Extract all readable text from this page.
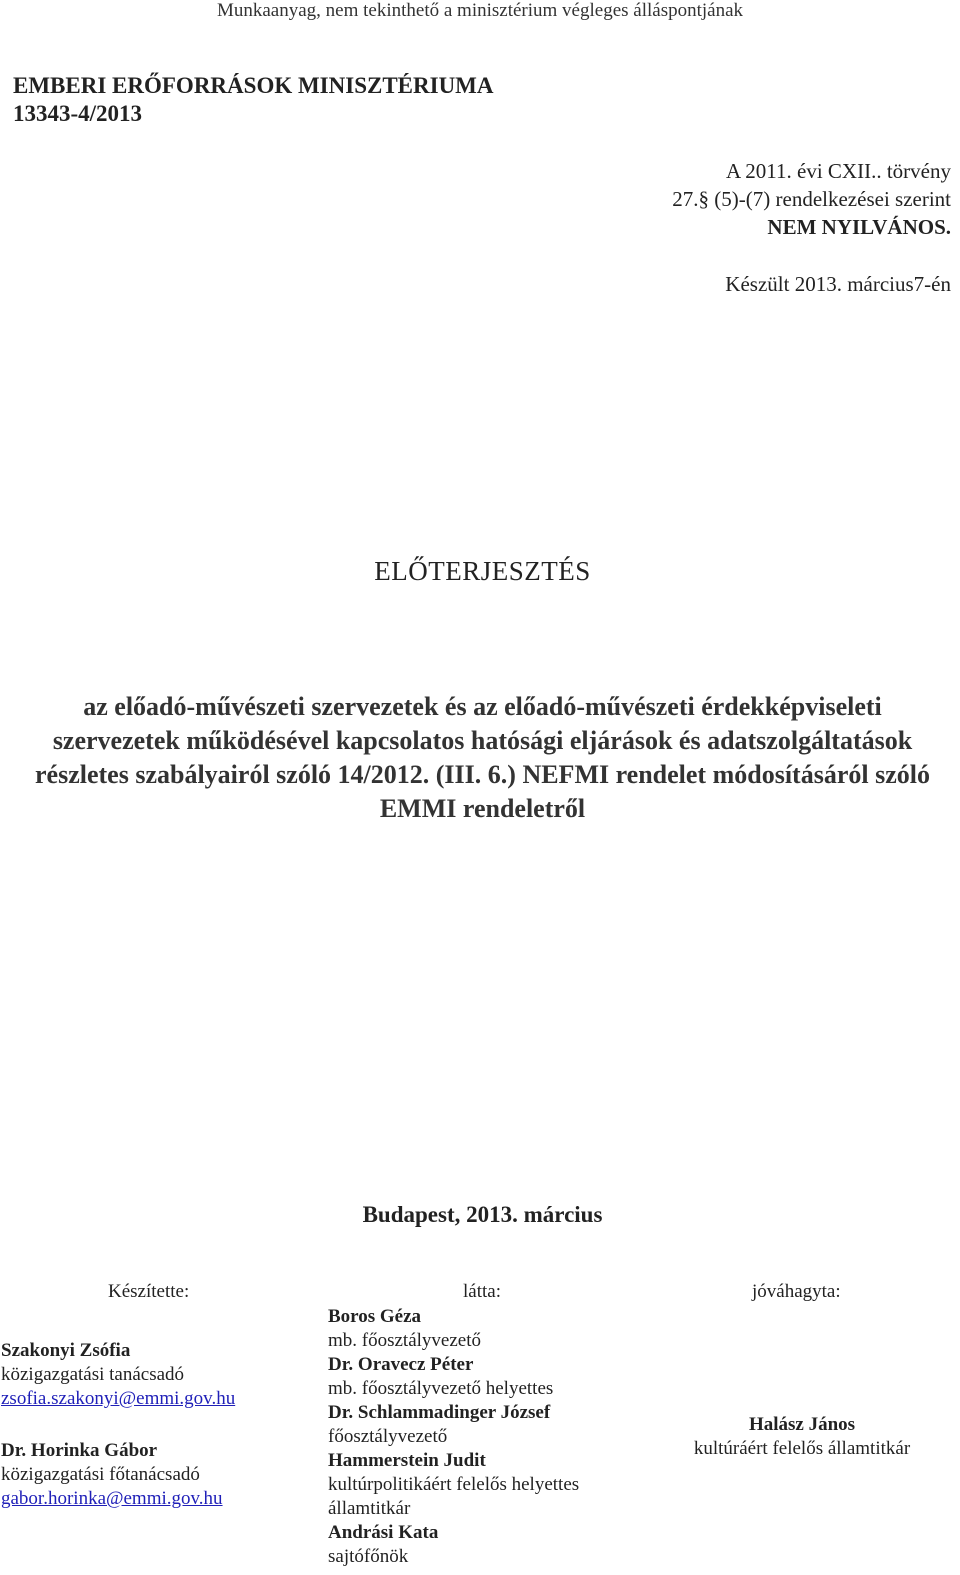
Munkaanyag, nem tekinthető a minisztérium végleges álláspontjának
EMBERI ERŐFORRÁSOK MINISZTÉRIUMA
13343-4/2013
A 2011. évi CXII.. törvény
27.§ (5)-(7) rendelkezései szerint
NEM NYILVÁNOS.
Készült 2013. március7-én
ELŐTERJESZTÉS
az előadó-művészeti szervezetek és az előadó-művészeti érdekképviseleti szervezetek működésével kapcsolatos hatósági eljárások és adatszolgáltatások részletes szabályairól szóló 14/2012. (III. 6.) NEFMI rendelet módosításáról szóló EMMI rendeletről
Budapest, 2013. március
Készítette:	látta:	jóváhagyta:
Szakonyi Zsófia
közigazgatási tanácsadó
zsofia.szakonyi@emmi.gov.hu
Dr. Horinka Gábor
közigazgatási főtanácsadó
gabor.horinka@emmi.gov.hu
Boros Géza
mb. főosztályvezető
Dr. Oravecz Péter
mb. főosztályvezető helyettes
Dr. Schlammadinger József
főosztályvezető
Hammerstein Judit
kultúrpolitikáért felelős helyettes
államtitkár
Andrási Kata
sajtófőnök
Halász János
kultúráért felelős államtitkár
